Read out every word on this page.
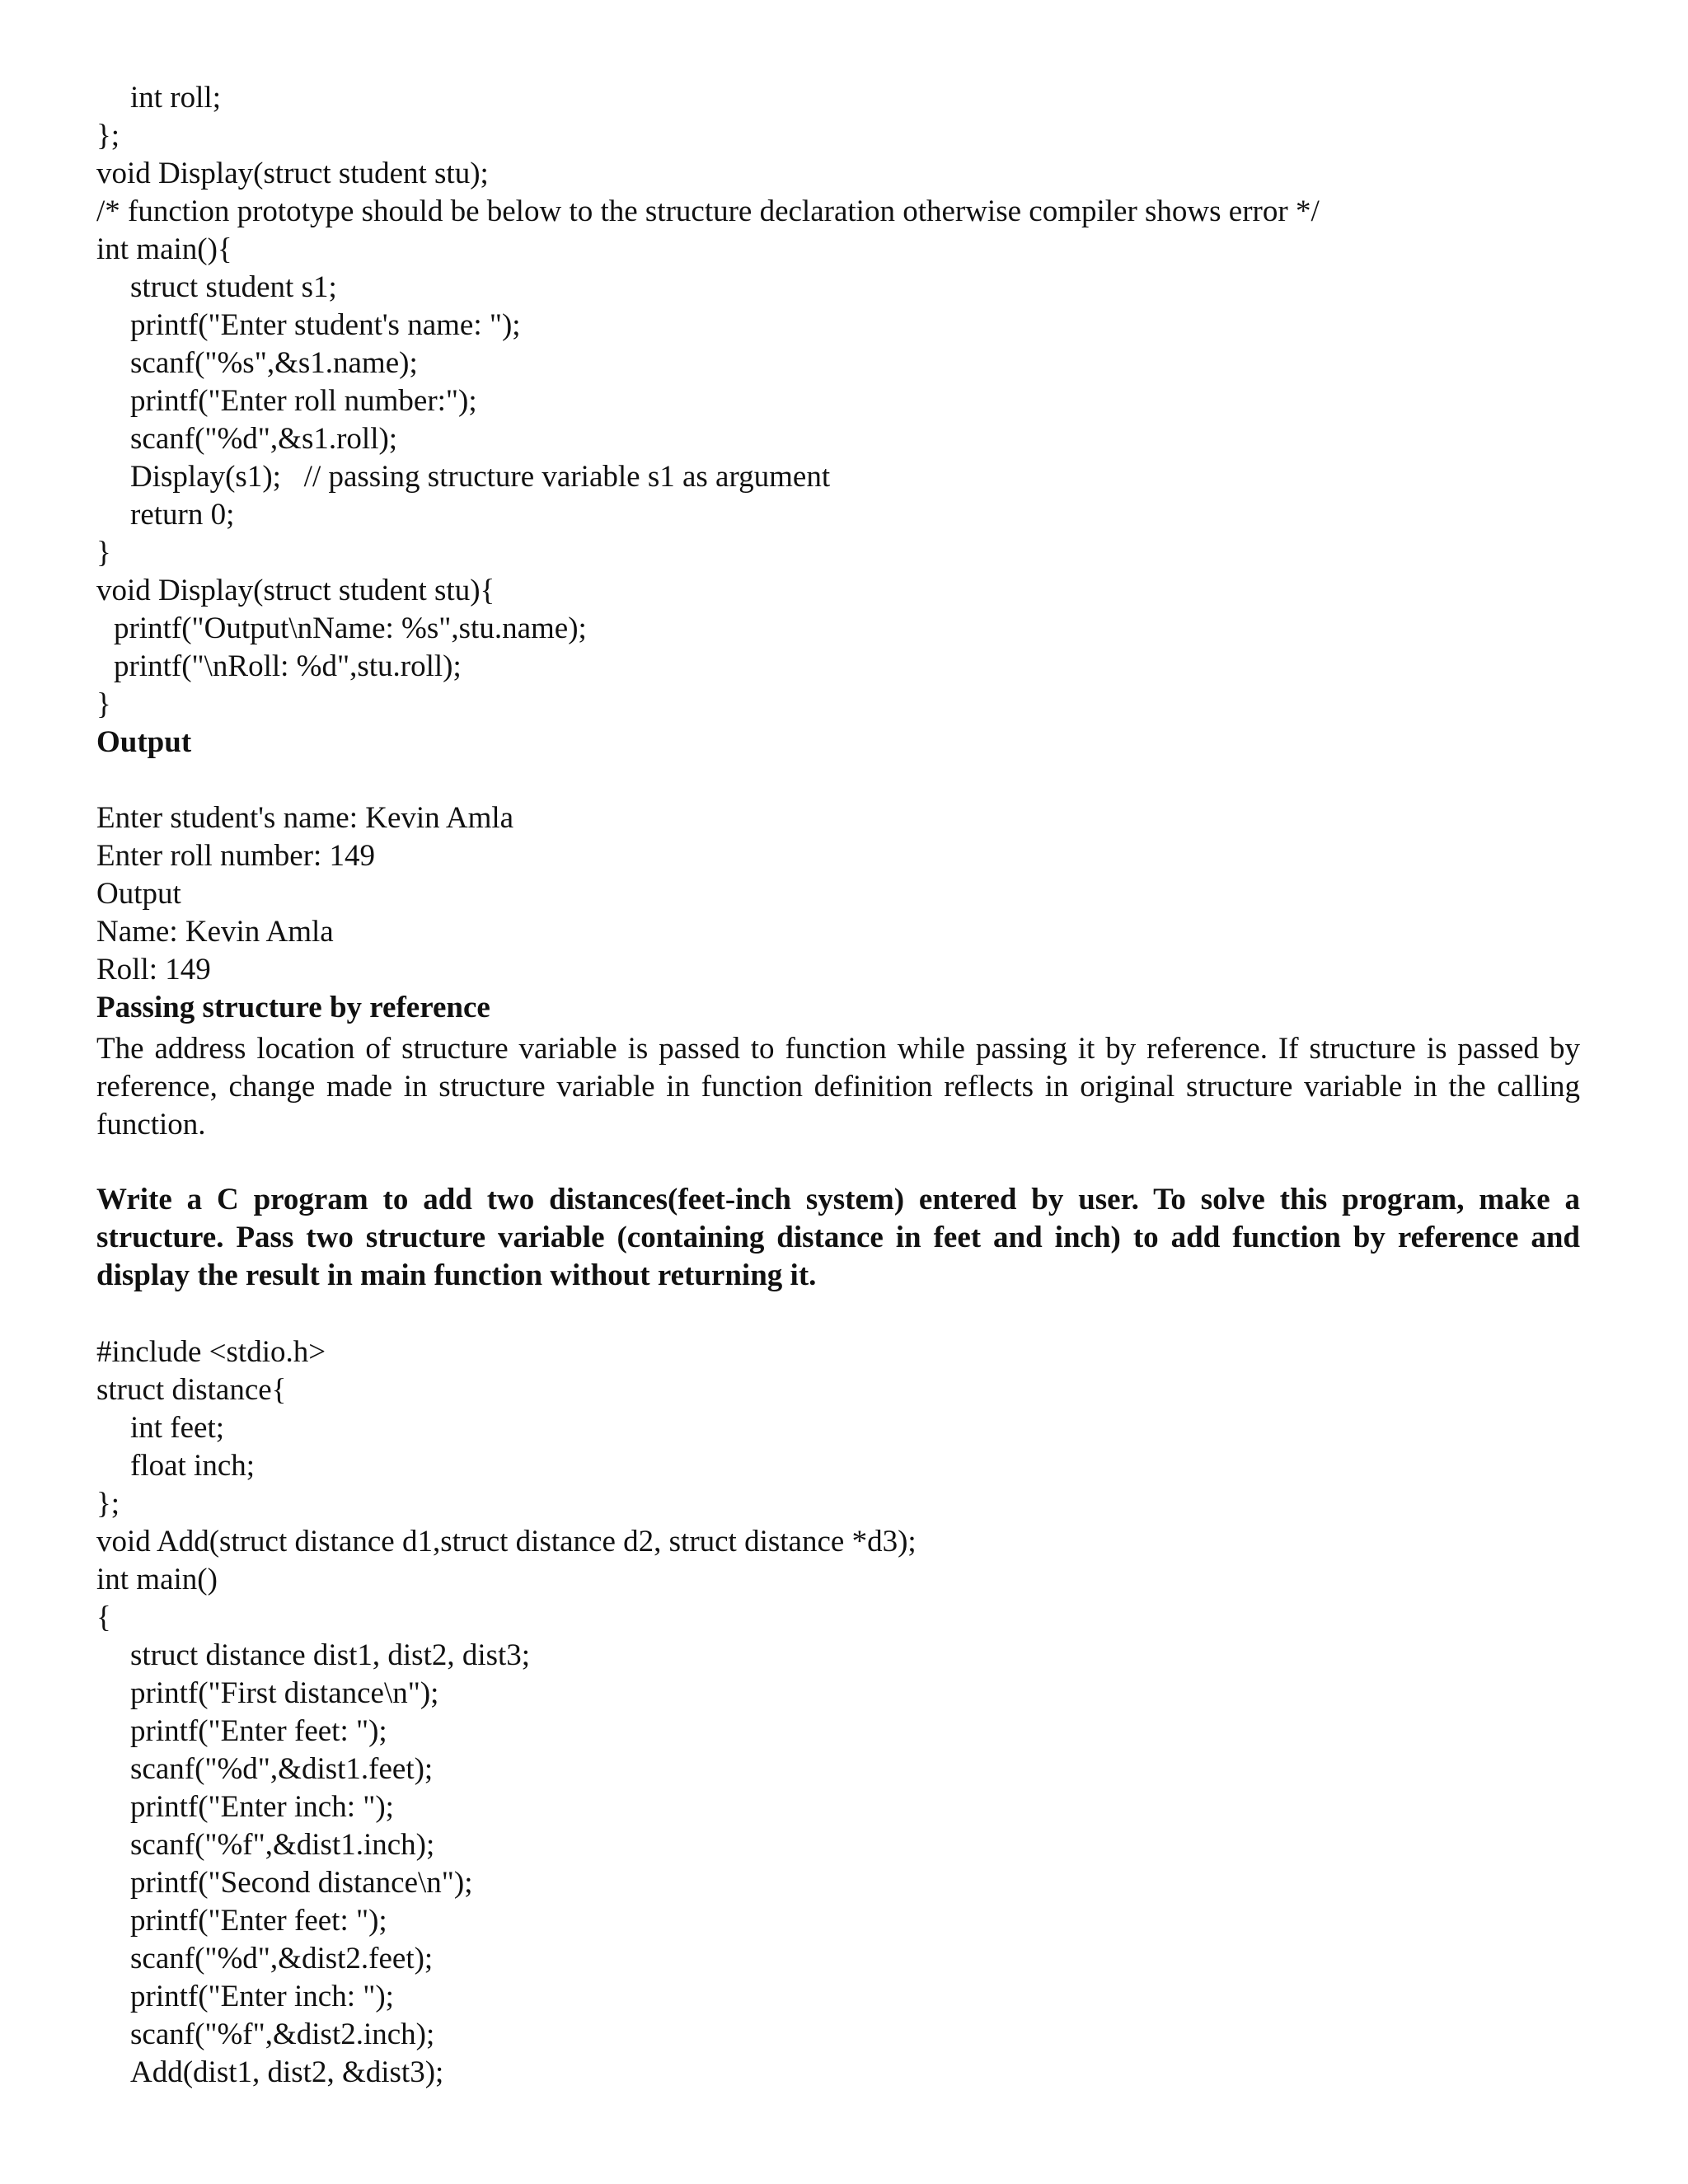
int roll;
};
void Display(struct student stu);
/* function prototype should be below to the structure declaration otherwise compiler shows error */
int main(){
struct student s1;
printf("Enter student's name: ");
scanf("%s",&s1.name);
printf("Enter roll number:");
scanf("%d",&s1.roll);
Display(s1);   // passing structure variable s1 as argument
return 0;
}
void Display(struct student stu){
printf("Output\nName: %s",stu.name);
printf("\nRoll: %d",stu.roll);
}
Output
Enter student's name: Kevin Amla
Enter roll number: 149
Output
Name: Kevin Amla
Roll: 149
Passing structure by reference
The address location of structure variable is passed to function while passing it by reference. If structure is passed by reference, change made in structure variable in function definition reflects in original structure variable in the calling function.
Write a C program to add two distances(feet-inch system) entered by user. To solve this program, make a structure. Pass two structure variable (containing distance in feet and inch) to add function by reference and display the result in main function without returning it.
#include <stdio.h>
struct distance{
int feet;
float inch;
};
void Add(struct distance d1,struct distance d2, struct distance *d3);
int main()
{
struct distance dist1, dist2, dist3;
printf("First distance\n");
printf("Enter feet: ");
scanf("%d",&dist1.feet);
printf("Enter inch: ");
scanf("%f",&dist1.inch);
printf("Second distance\n");
printf("Enter feet: ");
scanf("%d",&dist2.feet);
printf("Enter inch: ");
scanf("%f",&dist2.inch);
Add(dist1, dist2, &dist3);
